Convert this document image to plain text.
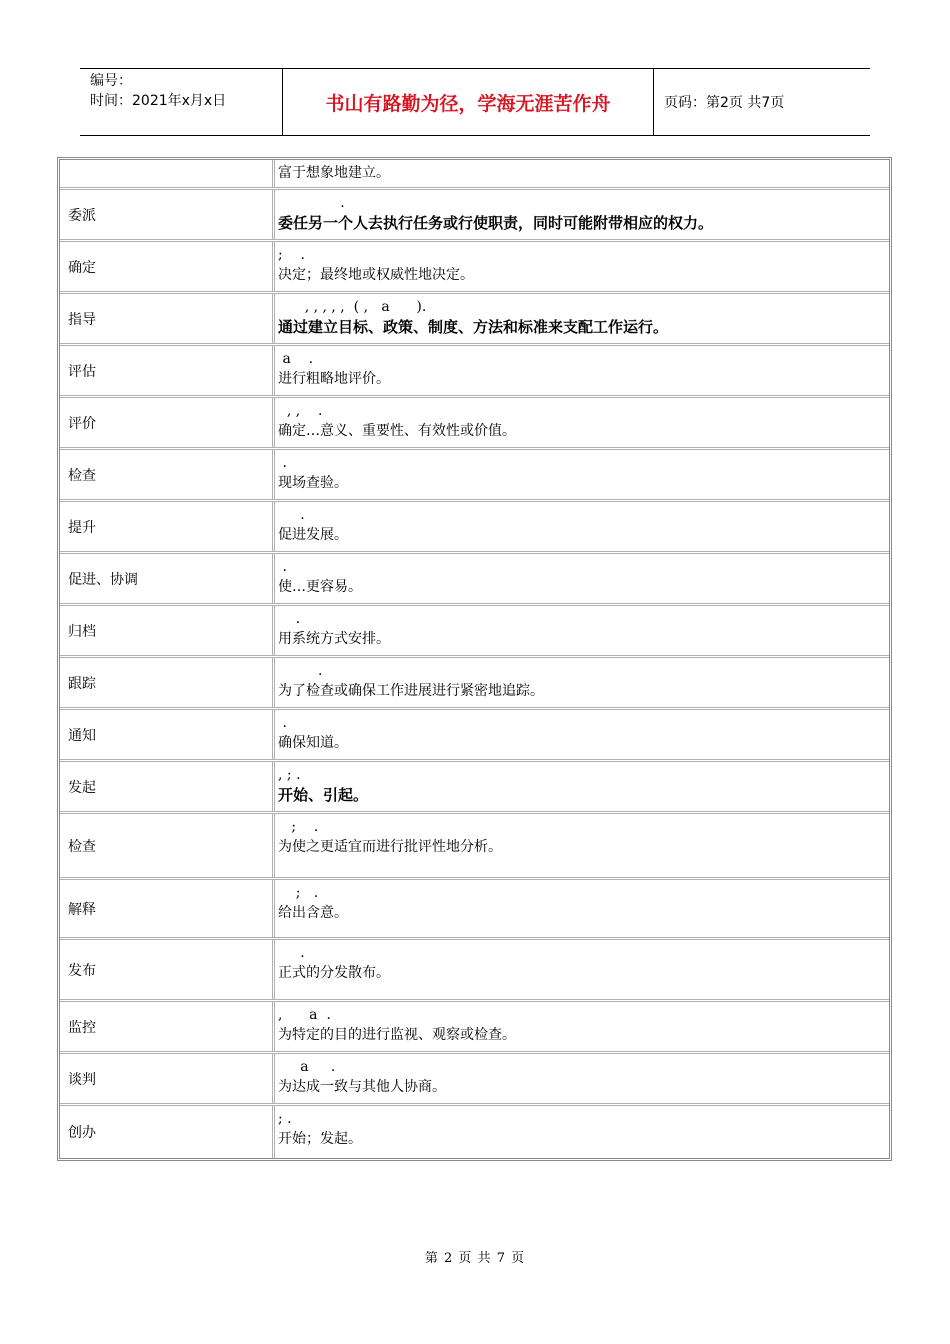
编号：
时间：2021年x月x日	书山有路勤为径，学海无涯苦作舟	页码：第2页 共7页
富于想象地建立。
委派
.
委任另一个人去执行任务或行使职责，同时可能附带相应的权力。
确定
;    .
决定；最终地或权威性地决定。
指导
, , , , ,  ( ,   a      ).
通过建立目标、政策、制度、方法和标准来支配工作运行。
评估
a    .
进行粗略地评价。
评价
, ,    .
确定…意义、重要性、有效性或价值。
检查
.
现场查验。
提升
.
促进发展。
促进、协调
.
使…更容易。
归档
.
用系统方式安排。
跟踪
.
为了检查或确保工作进展进行紧密地追踪。
通知
.
确保知道。
发起
, ; .
开始、引起。
检查
;    .
为使之更适宜而进行批评性地分析。
解释
;   .
给出含意。
发布
.
正式的分发散布。
监控
,      a  .
为特定的目的进行监视、观察或检查。
谈判
a     .
为达成一致与其他人协商。
创办
; .
开始；发起。
第 2 页 共 7 页
